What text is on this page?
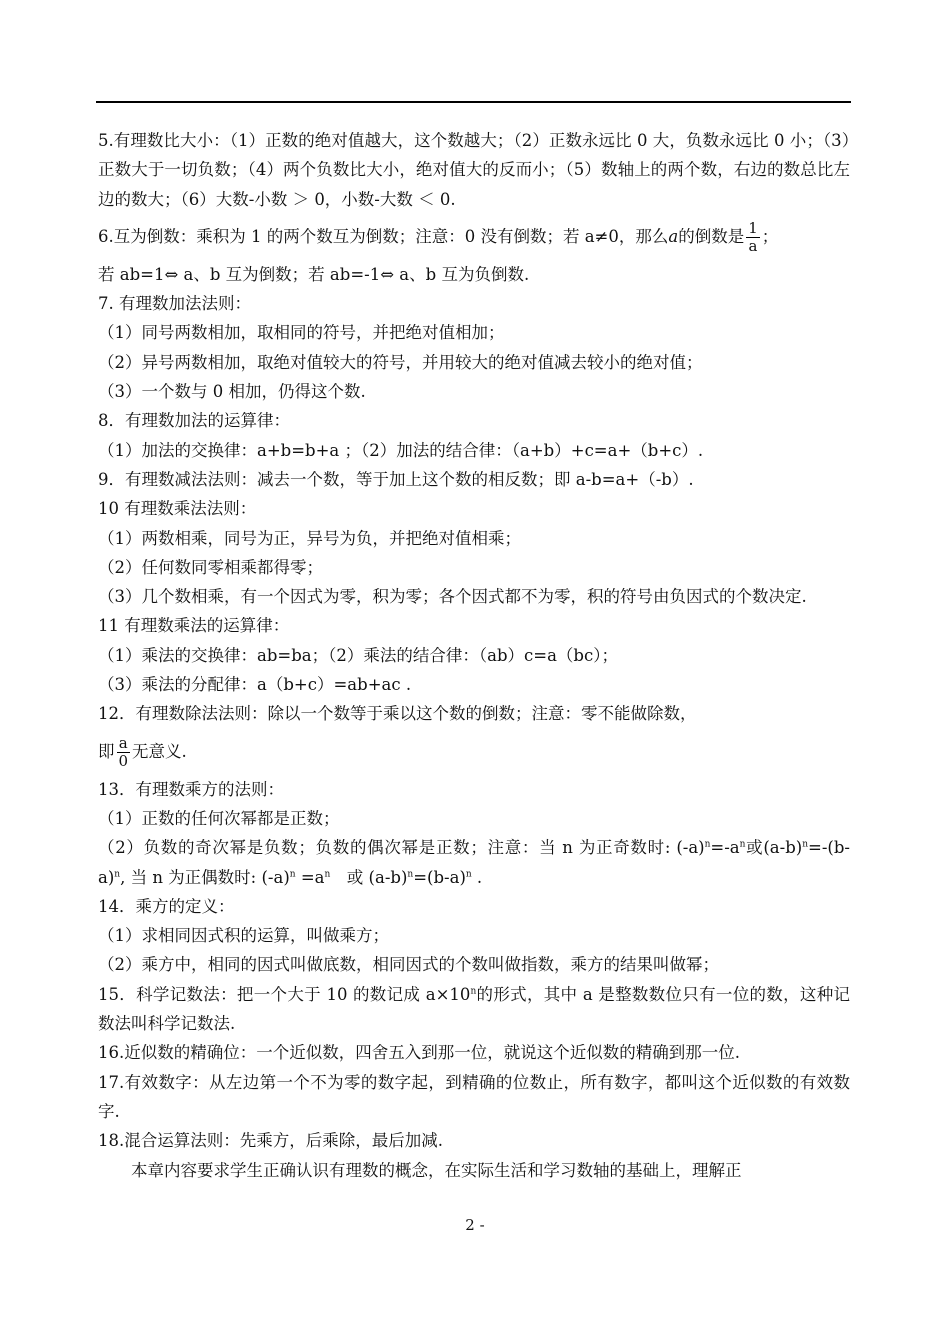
5.有理数比大小：（1）正数的绝对值越大，这个数越大；（2）正数永远比 0 大，负数永远比 0 小；（3）正数大于一切负数；（4）两个负数比大小，绝对值大的反而小；（5）数轴上的两个数，右边的数总比左边的数大；（6）大数-小数 ＞ 0，小数-大数 ＜ 0.

6.互为倒数：乘积为 1 的两个数互为倒数；注意：0 没有倒数；若 a≠0，那么a的倒数是 $\frac{1}{a}$ ；

若 ab=1⇔ a、b 互为倒数；若 ab=-1⇔ a、b 互为负倒数.

7. 有理数加法法则：

（1）同号两数相加，取相同的符号，并把绝对值相加；

（2）异号两数相加，取绝对值较大的符号，并用较大的绝对值减去较小的绝对值；

（3）一个数与 0 相加，仍得这个数.

8．有理数加法的运算律：

（1）加法的交换律：a+b=b+a ；（2）加法的结合律：（a+b）+c=a+（b+c）.

9．有理数减法法则：减去一个数，等于加上这个数的相反数；即 a-b=a+（-b）.

10 有理数乘法法则：

（1）两数相乘，同号为正，异号为负，并把绝对值相乘；

（2）任何数同零相乘都得零；

（3）几个数相乘，有一个因式为零，积为零；各个因式都不为零，积的符号由负因式的个数决定.

11 有理数乘法的运算律：

（1）乘法的交换律：ab=ba；（2）乘法的结合律：（ab）c=a（bc）；

（3）乘法的分配律：a（b+c）=ab+ac .

12．有理数除法法则：除以一个数等于乘以这个数的倒数；注意：零不能做除数，

即 $\frac{a}{0}$ 无意义.

13．有理数乘方的法则：

（1）正数的任何次幂都是正数；

（2）负数的奇次幂是负数；负数的偶次幂是正数；注意：当 n 为正奇数时: $(-a)^n=-a^n$或$(a-b)^n=-(b-a)^n$, 当 n 为正偶数时: $(-a)^n =a^n$　或 $(a-b)^n=(b-a)^n$ .

14．乘方的定义：

（1）求相同因式积的运算，叫做乘方；

（2）乘方中，相同的因式叫做底数，相同因式的个数叫做指数，乘方的结果叫做幂；

15．科学记数法：把一个大于 10 的数记成 $a\times 10^n$的形式，其中 a 是整数数位只有一位的数，这种记数法叫科学记数法.

16.近似数的精确位：一个近似数，四舍五入到那一位，就说这个近似数的精确到那一位.

17.有效数字：从左边第一个不为零的数字起，到精确的位数止，所有数字，都叫这个近似数的有效数字.

18.混合运算法则：先乘方，后乘除，最后加减.

本章内容要求学生正确认识有理数的概念，在实际生活和学习数轴的基础上，理解正

2 -
